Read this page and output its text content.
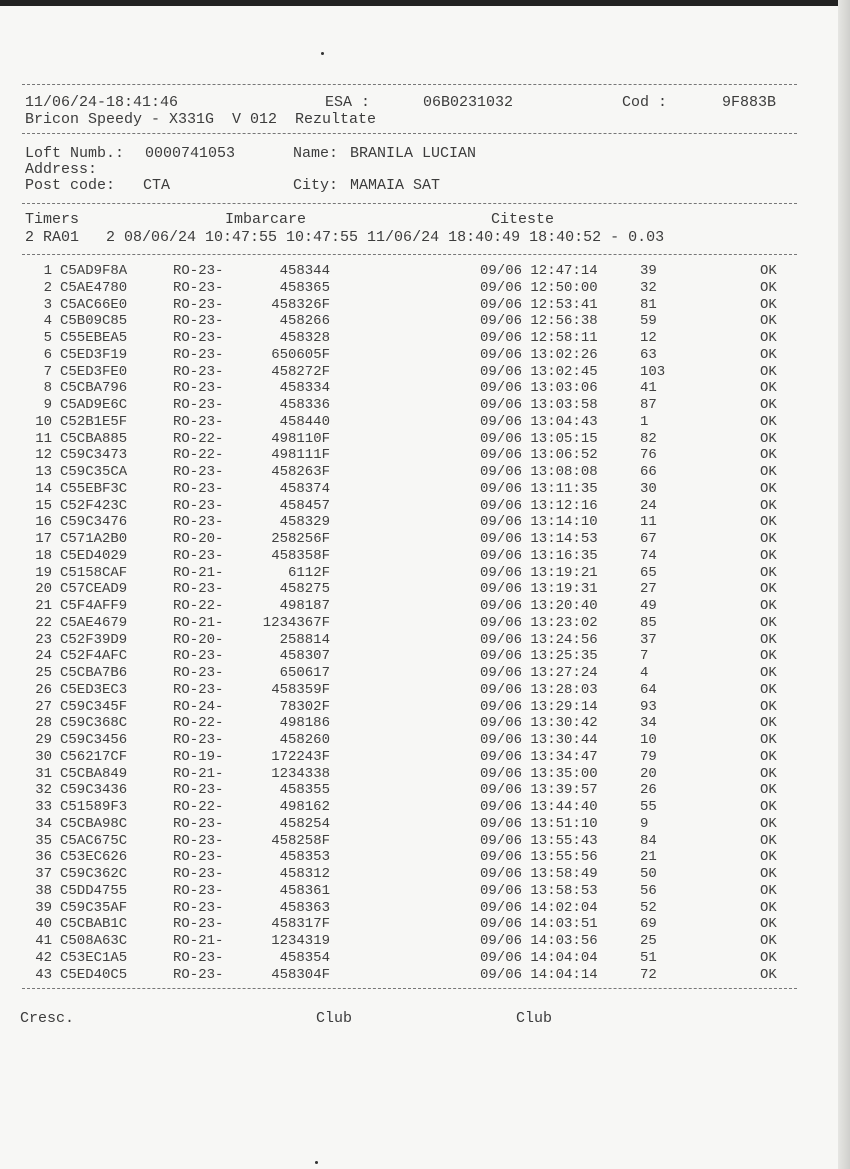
11/06/24-18:41:46	ESA :	06B0231032	Cod :	9F883B
Bricon Speedy - X331G  V 012  Rezultate
Loft Numb.: 0000741053	Name: BRANILA LUCIAN
Address:
Post code: CTA	City: MAMAIA SAT
Timers	Imbarcare	Citeste
2 RA01   2 08/06/24 10:47:55 10:47:55 11/06/24 18:40:49 18:40:52 - 0.03
1 C5AD9F8A	RO-23-	458344	09/06 12:47:14	39	OK
2 C5AE4780	RO-23-	458365	09/06 12:50:00	32	OK
3 C5AC66E0	RO-23-	458326F	09/06 12:53:41	81	OK
4 C5B09C85	RO-23-	458266	09/06 12:56:38	59	OK
5 C55EBEA5	RO-23-	458328	09/06 12:58:11	12	OK
6 C5ED3F19	RO-23-	650605F	09/06 13:02:26	63	OK
7 C5ED3FE0	RO-23-	458272F	09/06 13:02:45	103	OK
8 C5CBA796	RO-23-	458334	09/06 13:03:06	41	OK
9 C5AD9E6C	RO-23-	458336	09/06 13:03:58	87	OK
10 C52B1E5F	RO-23-	458440	09/06 13:04:43	1	OK
11 C5CBA885	RO-22-	498110F	09/06 13:05:15	82	OK
12 C59C3473	RO-22-	498111F	09/06 13:06:52	76	OK
13 C59C35CA	RO-23-	458263F	09/06 13:08:08	66	OK
14 C55EBF3C	RO-23-	458374	09/06 13:11:35	30	OK
15 C52F423C	RO-23-	458457	09/06 13:12:16	24	OK
16 C59C3476	RO-23-	458329	09/06 13:14:10	11	OK
17 C571A2B0	RO-20-	258256F	09/06 13:14:53	67	OK
18 C5ED4029	RO-23-	458358F	09/06 13:16:35	74	OK
19 C5158CAF	RO-21-	6112F	09/06 13:19:21	65	OK
20 C57CEAD9	RO-23-	458275	09/06 13:19:31	27	OK
21 C5F4AFF9	RO-22-	498187	09/06 13:20:40	49	OK
22 C5AE4679	RO-21-	1234367F	09/06 13:23:02	85	OK
23 C52F39D9	RO-20-	258814	09/06 13:24:56	37	OK
24 C52F4AFC	RO-23-	458307	09/06 13:25:35	7	OK
25 C5CBA7B6	RO-23-	650617	09/06 13:27:24	4	OK
26 C5ED3EC3	RO-23-	458359F	09/06 13:28:03	64	OK
27 C59C345F	RO-24-	78302F	09/06 13:29:14	93	OK
28 C59C368C	RO-22-	498186	09/06 13:30:42	34	OK
29 C59C3456	RO-23-	458260	09/06 13:30:44	10	OK
30 C56217CF	RO-19-	172243F	09/06 13:34:47	79	OK
31 C5CBA849	RO-21-	1234338	09/06 13:35:00	20	OK
32 C59C3436	RO-23-	458355	09/06 13:39:57	26	OK
33 C51589F3	RO-22-	498162	09/06 13:44:40	55	OK
34 C5CBA98C	RO-23-	458254	09/06 13:51:10	9	OK
35 C5AC675C	RO-23-	458258F	09/06 13:55:43	84	OK
36 C53EC626	RO-23-	458353	09/06 13:55:56	21	OK
37 C59C362C	RO-23-	458312	09/06 13:58:49	50	OK
38 C5DD4755	RO-23-	458361	09/06 13:58:53	56	OK
39 C59C35AF	RO-23-	458363	09/06 14:02:04	52	OK
40 C5CBAB1C	RO-23-	458317F	09/06 14:03:51	69	OK
41 C508A63C	RO-21-	1234319	09/06 14:03:56	25	OK
42 C53EC1A5	RO-23-	458354	09/06 14:04:04	51	OK
43 C5ED40C5	RO-23-	458304F	09/06 14:04:14	72	OK
Cresc.	Club	Club
